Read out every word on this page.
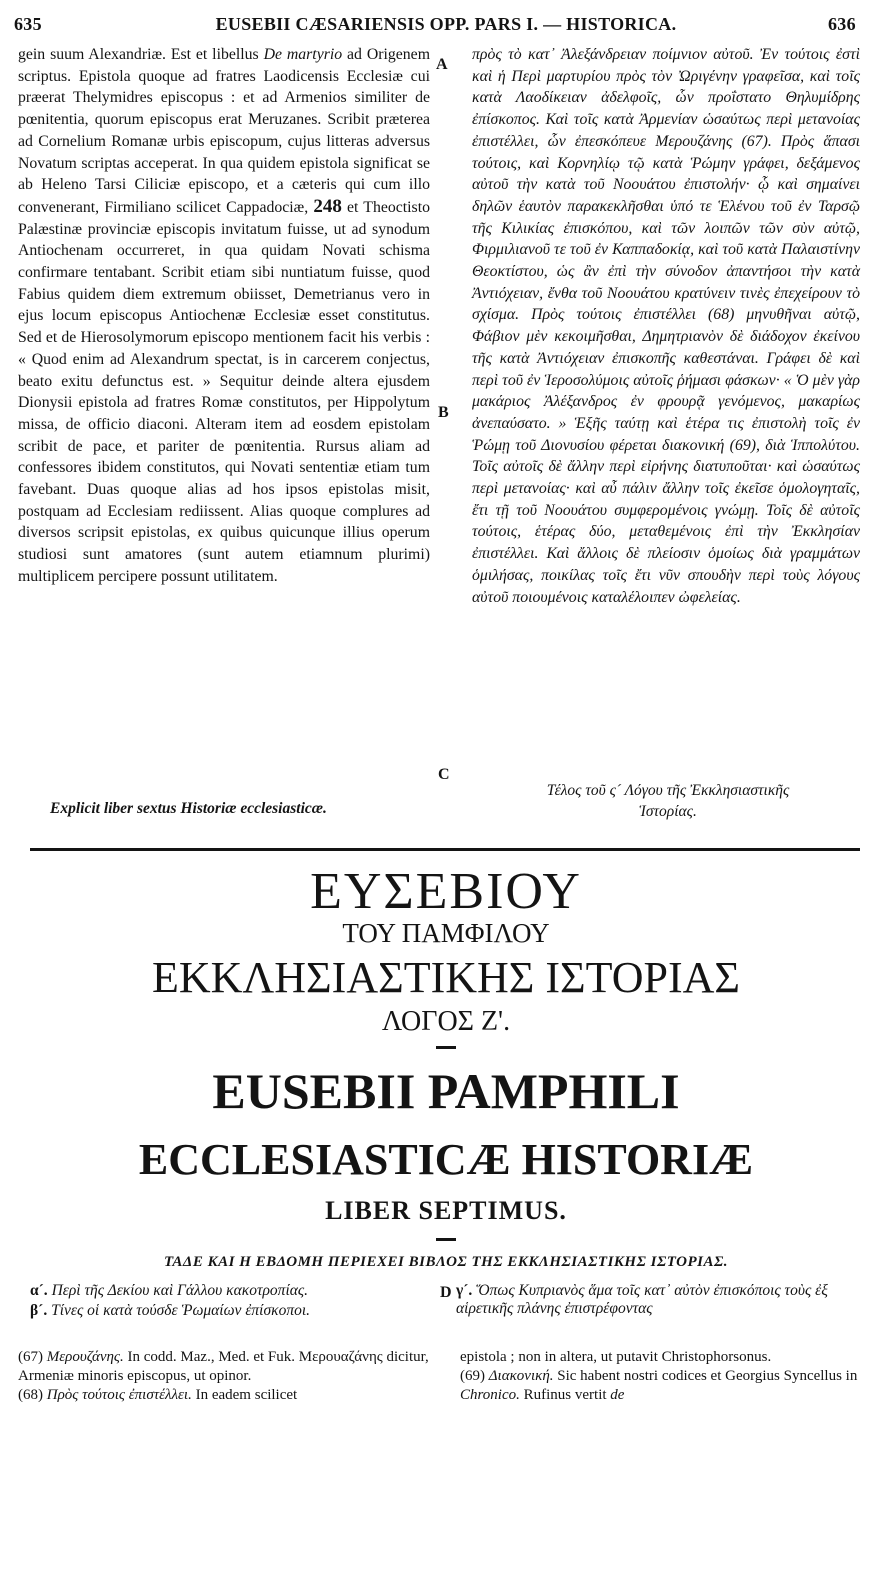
635	EUSEBII CÆSARIENSIS OPP. PARS I. — HISTORICA.	636
A
B
C
D

gein suum Alexandriæ. Est et libellus De martyrio ad Origenem scriptus. Epistola quoque ad fratres Laodicensis Ecclesiæ cui præerat Thelymidres episcopus : et ad Armenios similiter de pœnitentia, quorum episcopus erat Meruzanes. Scribit præterea ad Cornelium Romanæ urbis episcopum, cujus litteras adversus Novatum scriptas acceperat. In qua quidem epistola significat se ab Heleno Tarsi Ciliciæ episcopo, et a cæteris qui cum illo convenerant, Firmiliano scilicet Cappadociæ, 248 et Theoctisto Palæstinæ provinciæ episcopis invitatum fuisse, ut ad synodum Antiochenam occurreret, in qua quidam Novati schisma confirmare tentabant. Scribit etiam sibi nuntiatum fuisse, quod Fabius quidem diem extremum obiisset, Demetrianus vero in ejus locum episcopus Antiochenæ Ecclesiæ esset constitutus. Sed et de Hierosolymorum episcopo mentionem facit his verbis : « Quod enim ad Alexandrum spectat, is in carcerem conjectus, beato exitu defunctus est. » Sequitur deinde altera ejusdem Dionysii epistola ad fratres Romæ constitutos, per Hippolytum missa, de officio diaconi. Alteram item ad eosdem epistolam scribit de pace, et pariter de pœnitentia. Rursus aliam ad confessores ibidem constitutos, qui Novati sententiæ etiam tum favebant. Duas quoque alias ad hos ipsos epistolas misit, postquam ad Ecclesiam rediissent. Alias quoque complures ad diversos scripsit epistolas, ex quibus quicunque illius operum studiosi sunt amatores (sunt autem etiamnum plurimi) multiplicem percipere possunt utilitatem.

Explicit liber sextus Historiæ ecclesiasticæ.

πρὸς τὸ κατ᾽ Ἀλεξάνδρειαν ποίμνιον αὐτοῦ. Ἐν τούτοις ἐστὶ καὶ ἡ Περὶ μαρτυρίου πρὸς τὸν Ὠριγένην γραφεῖσα, καὶ τοῖς κατὰ Λαοδίκειαν ἀδελφοῖς, ὧν προΐστατο Θηλυμίδρης ἐπίσκοπος. Καὶ τοῖς κατὰ Ἀρμενίαν ὡσαύτως περὶ μετανοίας ἐπιστέλλει, ὧν ἐπεσκόπευε Μερουζάνης (67). Πρὸς ἅπασι τούτοις, καὶ Κορνηλίῳ τῷ κατὰ Ῥώμην γράφει, δεξάμενος αὐτοῦ τὴν κατὰ τοῦ Νοουάτου ἐπιστολήν· ᾧ καὶ σημαίνει δηλῶν ἑαυτὸν παρακεκλῆσθαι ὑπό τε Ἑλένου τοῦ ἐν Ταρσῷ τῆς Κιλικίας ἐπισκόπου, καὶ τῶν λοιπῶν τῶν σὺν αὐτῷ, Φιρμιλιανοῦ τε τοῦ ἐν Καππαδοκίᾳ, καὶ τοῦ κατὰ Παλαιστίνην Θεοκτίστου, ὡς ἂν ἐπὶ τὴν σύνοδον ἀπαντήσοι τὴν κατὰ Ἀντιόχειαν, ἔνθα τοῦ Νοουάτου κρατύνειν τινὲς ἐπεχείρουν τὸ σχίσμα. Πρὸς τούτοις ἐπιστέλλει (68) μηνυθῆναι αὐτῷ, Φάβιον μὲν κεκοιμῆσθαι, Δημητριανὸν δὲ διάδοχον ἐκείνου τῆς κατὰ Ἀντιόχειαν ἐπισκοπῆς καθεστάναι. Γράφει δὲ καὶ περὶ τοῦ ἐν Ἱεροσολύμοις αὐτοῖς ῥήμασι φάσκων· « Ὁ μὲν γὰρ μακάριος Ἀλέξανδρος ἐν φρουρᾷ γενόμενος, μακαρίως ἀνεπαύσατο. » Ἑξῆς ταύτῃ καὶ ἑτέρα τις ἐπιστολὴ τοῖς ἐν Ῥώμῃ τοῦ Διονυσίου φέρεται διακονική (69), διὰ Ἱππολύτου. Τοῖς αὐτοῖς δὲ ἄλλην περὶ εἰρήνης διατυποῦται· καὶ ὡσαύτως περὶ μετανοίας· καὶ αὖ πάλιν ἄλλην τοῖς ἐκεῖσε ὁμολογηταῖς, ἔτι τῇ τοῦ Νοουάτου συμφερομένοις γνώμῃ. Τοῖς δὲ αὐτοῖς τούτοις, ἑτέρας δύο, μεταθεμένοις ἐπὶ τὴν Ἐκκλησίαν ἐπιστέλλει. Καὶ ἄλλοις δὲ πλείοσιν ὁμοίως διὰ γραμμάτων ὁμιλήσας, ποικίλας τοῖς ἔτι νῦν σπουδὴν περὶ τοὺς λόγους αὐτοῦ ποιουμένοις καταλέλοιπεν ὠφελείας.

Τέλος τοῦ ς´ Λόγου τῆς Ἐκκλησιαστικῆς
Ἱστορίας.
ΕΥΣΕΒΙΟΥ
ΤΟΥ ΠΑΜΦΙΛΟΥ
ΕΚΚΛΗΣΙΑΣΤΙΚΗΣ ΙΣΤΟΡΙΑΣ
ΛΟΓΟΣ Ζ'.
EUSEBII PAMPHILI
ECCLESIASTICÆ HISTORIÆ
LIBER SEPTIMUS.
ΤΑΔΕ ΚΑΙ Η ΕΒΔΟΜΗ ΠΕΡΙΕΧΕΙ ΒΙΒΛΟΣ ΤΗΣ ΕΚΚΛΗΣΙΑΣΤΙΚΗΣ ΙΣΤΟΡΙΑΣ.
α´. Περὶ τῆς Δεκίου καὶ Γάλλου κακοτροπίας.
β´. Τίνες οἱ κατὰ τούσδε Ῥωμαίων ἐπίσκοποι.
γ´. Ὅπως Κυπριανὸς ἅμα τοῖς κατ᾽ αὐτὸν ἐπισκόποις τοὺς ἐξ αἱρετικῆς πλάνης ἐπιστρέφοντας

(67) Μερουζάνης. In codd. Maz., Med. et Fuk. Μερουαζάνης dicitur, Armeniæ minoris episcopus, ut opinor.

(68) Πρὸς τούτοις ἐπιστέλλει. In eadem scilicet

epistola ; non in altera, ut putavit Christophorsonus.

(69) Διακονική. Sic habent nostri codices et Georgius Syncellus in Chronico. Rufinus vertit de
